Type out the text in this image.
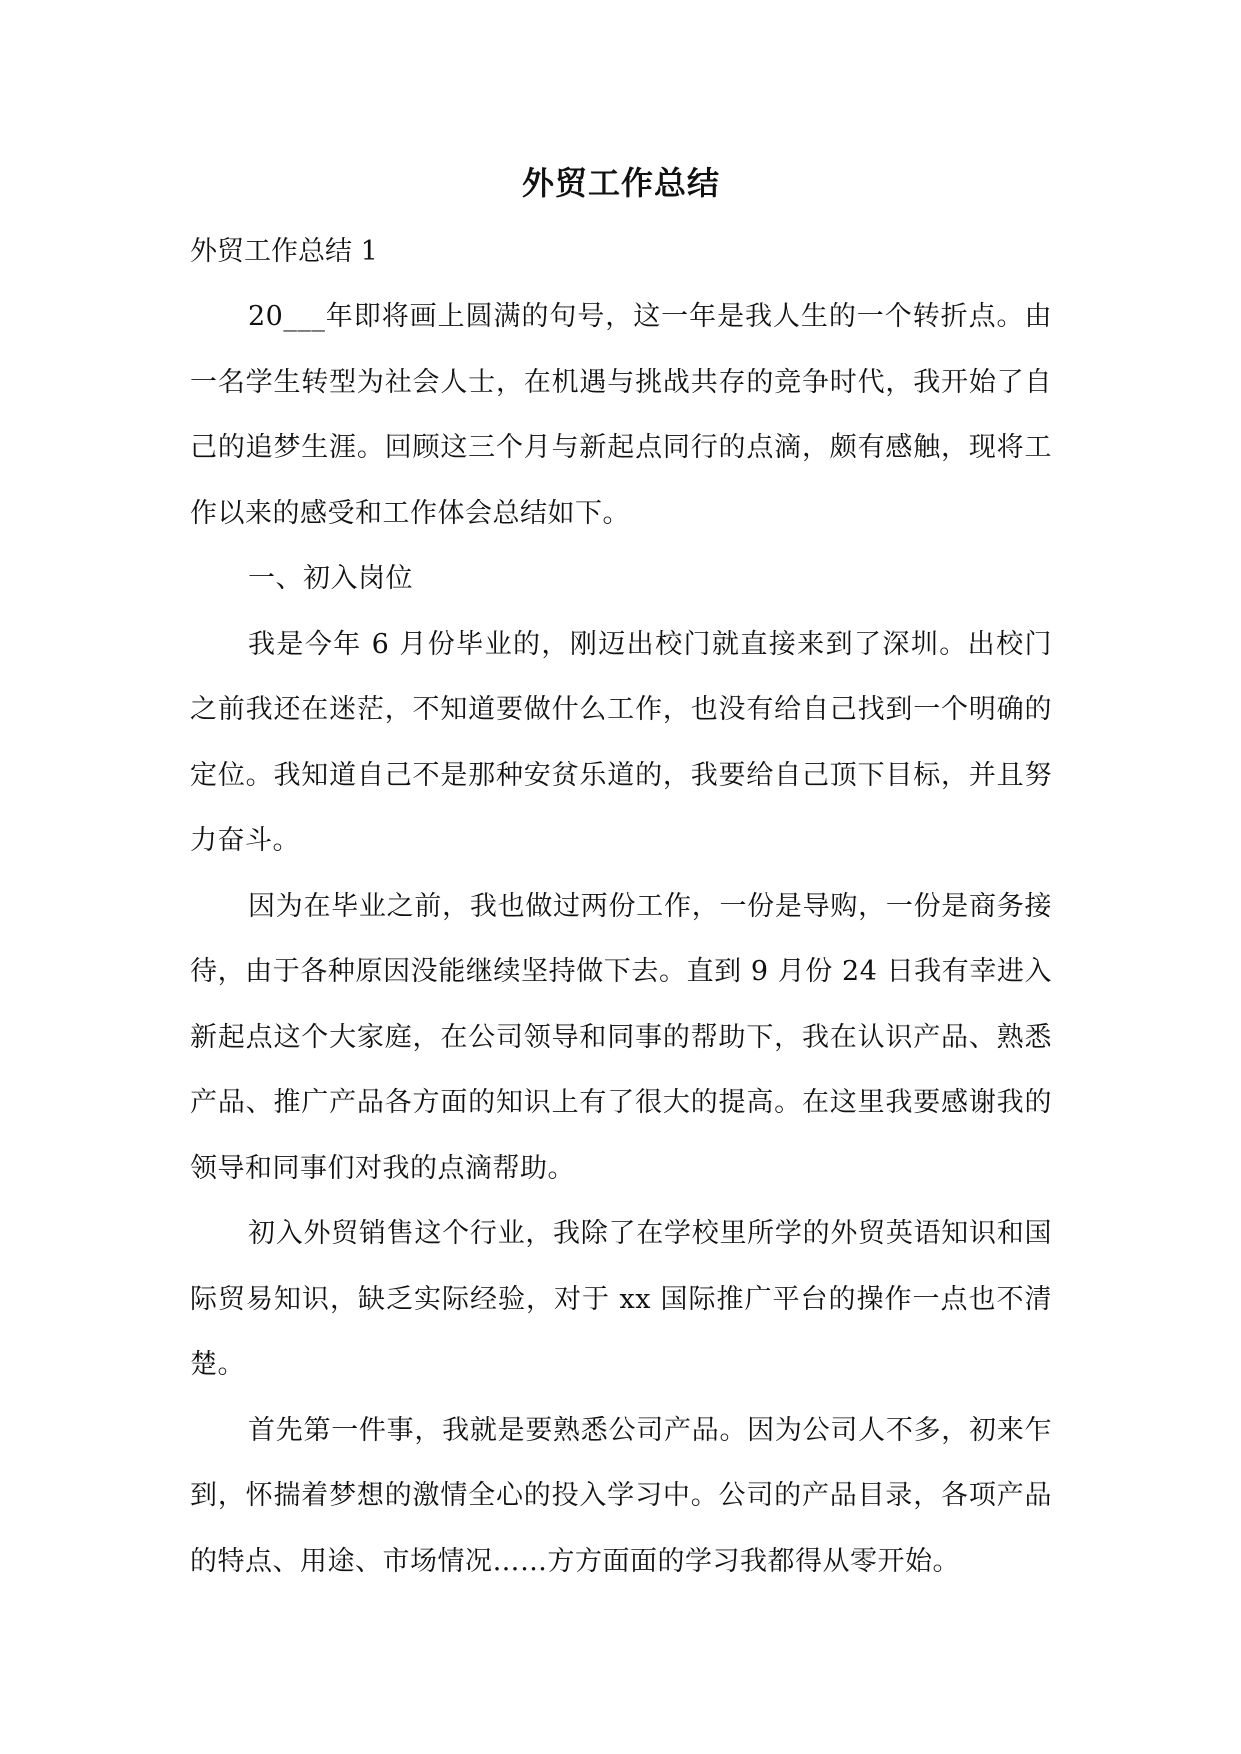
外贸工作总结

外贸工作总结 1

20___年即将画上圆满的句号，这一年是我人生的一个转折点。由一名学生转型为社会人士，在机遇与挑战共存的竞争时代，我开始了自己的追梦生涯。回顾这三个月与新起点同行的点滴，颇有感触，现将工作以来的感受和工作体会总结如下。

一、初入岗位

我是今年 6 月份毕业的，刚迈出校门就直接来到了深圳。出校门之前我还在迷茫，不知道要做什么工作，也没有给自己找到一个明确的定位。我知道自己不是那种安贫乐道的，我要给自己顶下目标，并且努力奋斗。

因为在毕业之前，我也做过两份工作，一份是导购，一份是商务接待，由于各种原因没能继续坚持做下去。直到 9 月份 24 日我有幸进入新起点这个大家庭，在公司领导和同事的帮助下，我在认识产品、熟悉产品、推广产品各方面的知识上有了很大的提高。在这里我要感谢我的领导和同事们对我的点滴帮助。

初入外贸销售这个行业，我除了在学校里所学的外贸英语知识和国际贸易知识，缺乏实际经验，对于 xx 国际推广平台的操作一点也不清楚。

首先第一件事，我就是要熟悉公司产品。因为公司人不多，初来乍到，怀揣着梦想的激情全心的投入学习中。公司的产品目录，各项产品的特点、用途、市场情况……方方面面的学习我都得从零开始。
